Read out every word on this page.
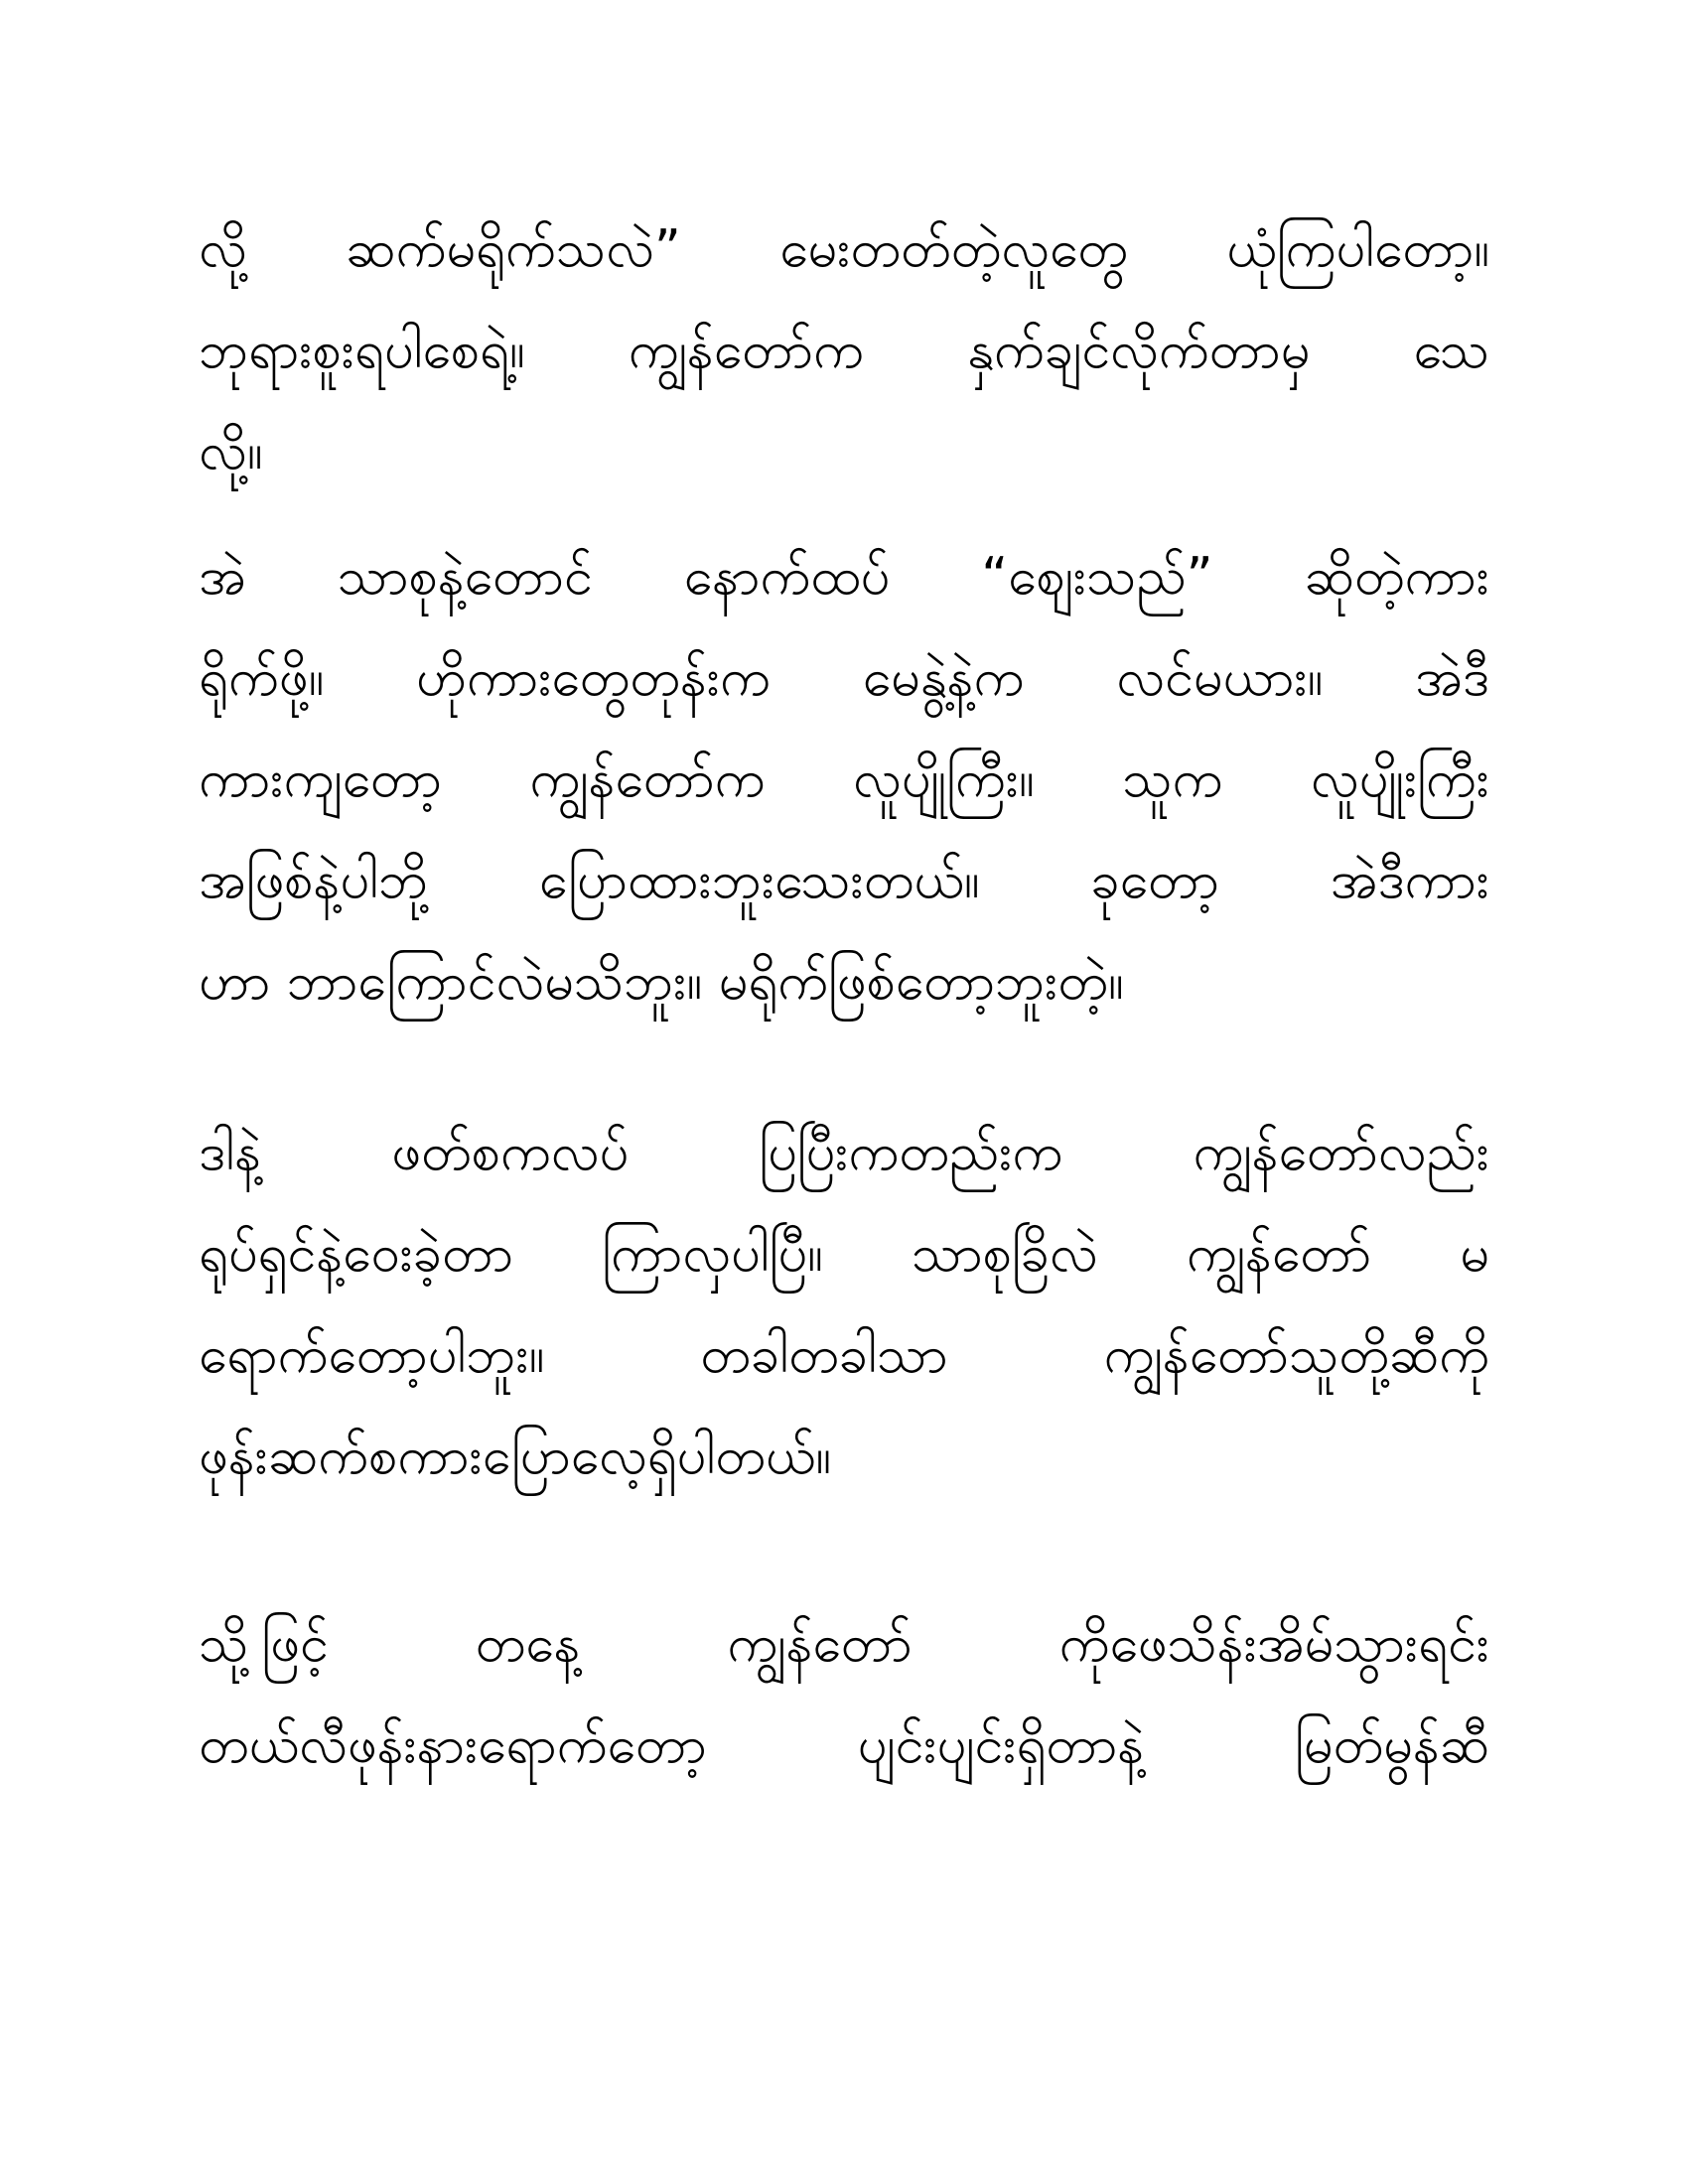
လို့ ဆက်မရိုက်သလဲ” မေးတတ်တဲ့လူတွေ ယုံကြပါတော့။
ဘုရားစူးရပါစေရဲ့။ ကျွန်တော်က နှက်ချင်လိုက်တာမှ သေ
လို့။
အဲ သာစုနဲ့တောင် နောက်ထပ် “စျေးသည်” ဆိုတဲ့ကား
ရိုက်ဖို့။ ဟိုကားတွေတုန်းက မေနွဲ့နဲ့က လင်မယား။ အဲဒီ
ကားကျတော့ ကျွန်တော်က လူပျိုကြီး။ သူက လူပျိုးကြီး
အဖြစ်နဲ့ပါဘို့ ပြောထားဘူးသေးတယ်။ ခုတော့ အဲဒီကား
ဟာ ဘာကြောင်လဲမသိဘူး။ မရိုက်ဖြစ်တော့ဘူးတဲ့။
ဒါနဲ့ ဖတ်စကလပ် ပြပြီးကတည်းက ကျွန်တော်လည်း
ရုပ်ရှင်နဲ့ဝေးခဲ့တာ ကြာလှပါပြီ။ သာစုခြိလဲ ကျွန်တော် မ
ရောက်တော့ပါဘူး။ တခါတခါသာ ကျွန်တော်သူတို့ဆီကို
ဖုန်းဆက်စကားပြောလေ့ရှိပါတယ်။
သို့ဖြင့် တနေ့ ကျွန်တော် ကိုဖေသိန်းအိမ်သွားရင်း
တယ်လီဖုန်းနားရောက်တော့ ပျင်းပျင်းရှိတာနဲ့ မြတ်မွန်ဆီ
